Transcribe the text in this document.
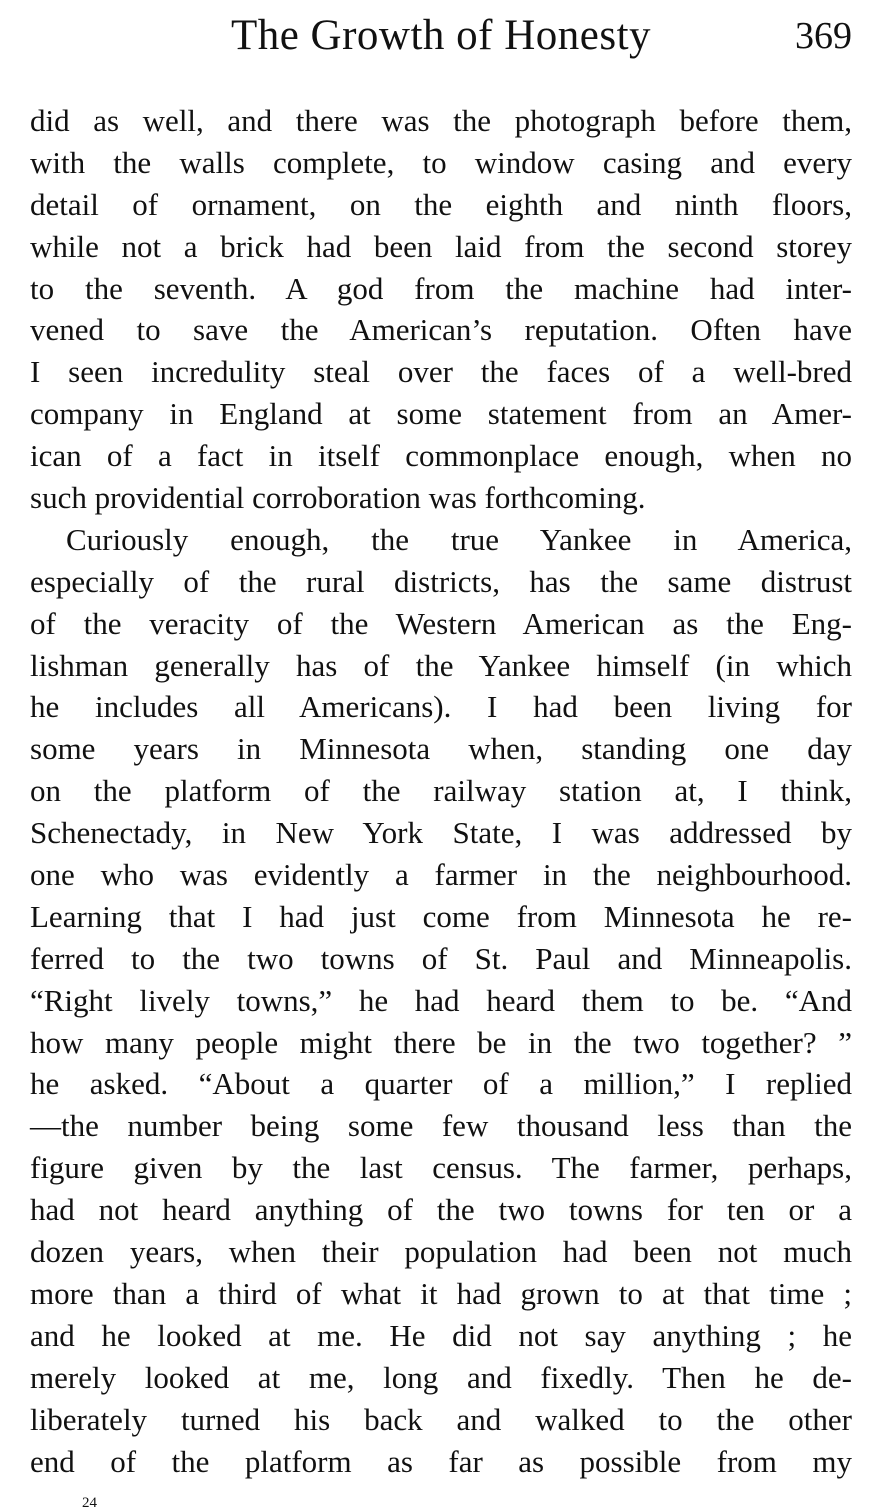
The Growth of Honesty	369
did as well, and there was the photograph before them,
with the walls complete, to window casing and every
detail of ornament, on the eighth and ninth floors,
while not a brick had been laid from the second storey
to the seventh. A god from the machine had inter-
vened to save the American’s reputation. Often have
I seen incredulity steal over the faces of a well-bred
company in England at some statement from an Amer-
ican of a fact in itself commonplace enough, when no
such providential corroboration was forthcoming.
Curiously enough, the true Yankee in America,
especially of the rural districts, has the same distrust
of the veracity of the Western American as the Eng-
lishman generally has of the Yankee himself (in which
he includes all Americans). I had been living for
some years in Minnesota when, standing one day
on the platform of the railway station at, I think,
Schenectady, in New York State, I was addressed by
one who was evidently a farmer in the neighbourhood.
Learning that I had just come from Minnesota he re-
ferred to the two towns of St. Paul and Minneapolis.
“Right lively towns,” he had heard them to be. “And
how many people might there be in the two together? ”
he asked. “About a quarter of a million,” I replied
—the number being some few thousand less than the
figure given by the last census. The farmer, perhaps,
had not heard anything of the two towns for ten or a
dozen years, when their population had been not much
more than a third of what it had grown to at that time ;
and he looked at me. He did not say anything ; he
merely looked at me, long and fixedly. Then he de-
liberately turned his back and walked to the other
end of the platform as far as possible from my
24
